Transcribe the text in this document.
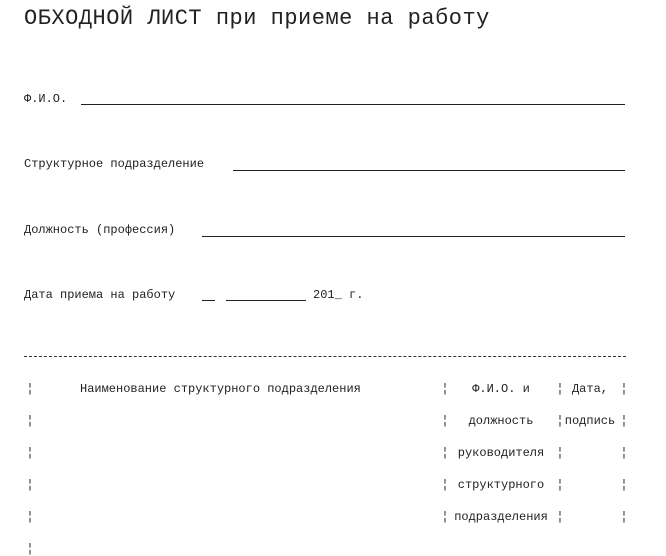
ОБХОДНОЙ ЛИСТ при приеме на работу
Ф.И.О.
Структурное подразделение
Должность (профессия)
Дата приема на работу	201_ г.
¦
¦
¦
¦
¦
¦
Наименование структурного подразделения	¦
¦
¦
¦
¦
Ф.И.О. и
должность
руководителя
структурного
подразделения
¦
¦
¦
¦
¦
Дата,
подпись
¦
¦
¦
¦
¦
